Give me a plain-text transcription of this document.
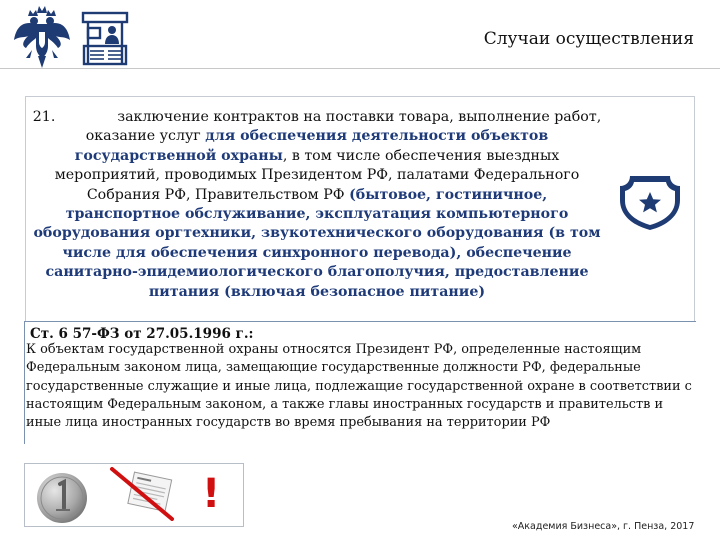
Случаи осуществления
21.	заключение контрактов на поставки товара, выполнение работ, оказание услуг для обеспечения деятельности объектов государственной охраны, в том числе обеспечения выездных мероприятий, проводимых Президентом РФ, палатами Федерального Собрания РФ, Правительством РФ (бытовое, гостиничное, транспортное обслуживание, эксплуатация компьютерного оборудования оргтехники, звукотехнического оборудования (в том числе для обеспечения синхронного перевода), обеспечение санитарно-эпидемиологического благополучия, предоставление питания (включая безопасное питание)
Ст. 6 57-ФЗ от 27.05.1996 г.:
К объектам государственной охраны относятся Президент РФ, определенные настоящим Федеральным законом лица, замещающие государственные должности РФ, федеральные государственные служащие и иные лица, подлежащие государственной охране в соответствии с настоящим Федеральным законом, а также главы иностранных государств и правительств и иные лица иностранных государств во время пребывания на территории РФ
!
«Академия Бизнеса», г. Пенза, 2017
